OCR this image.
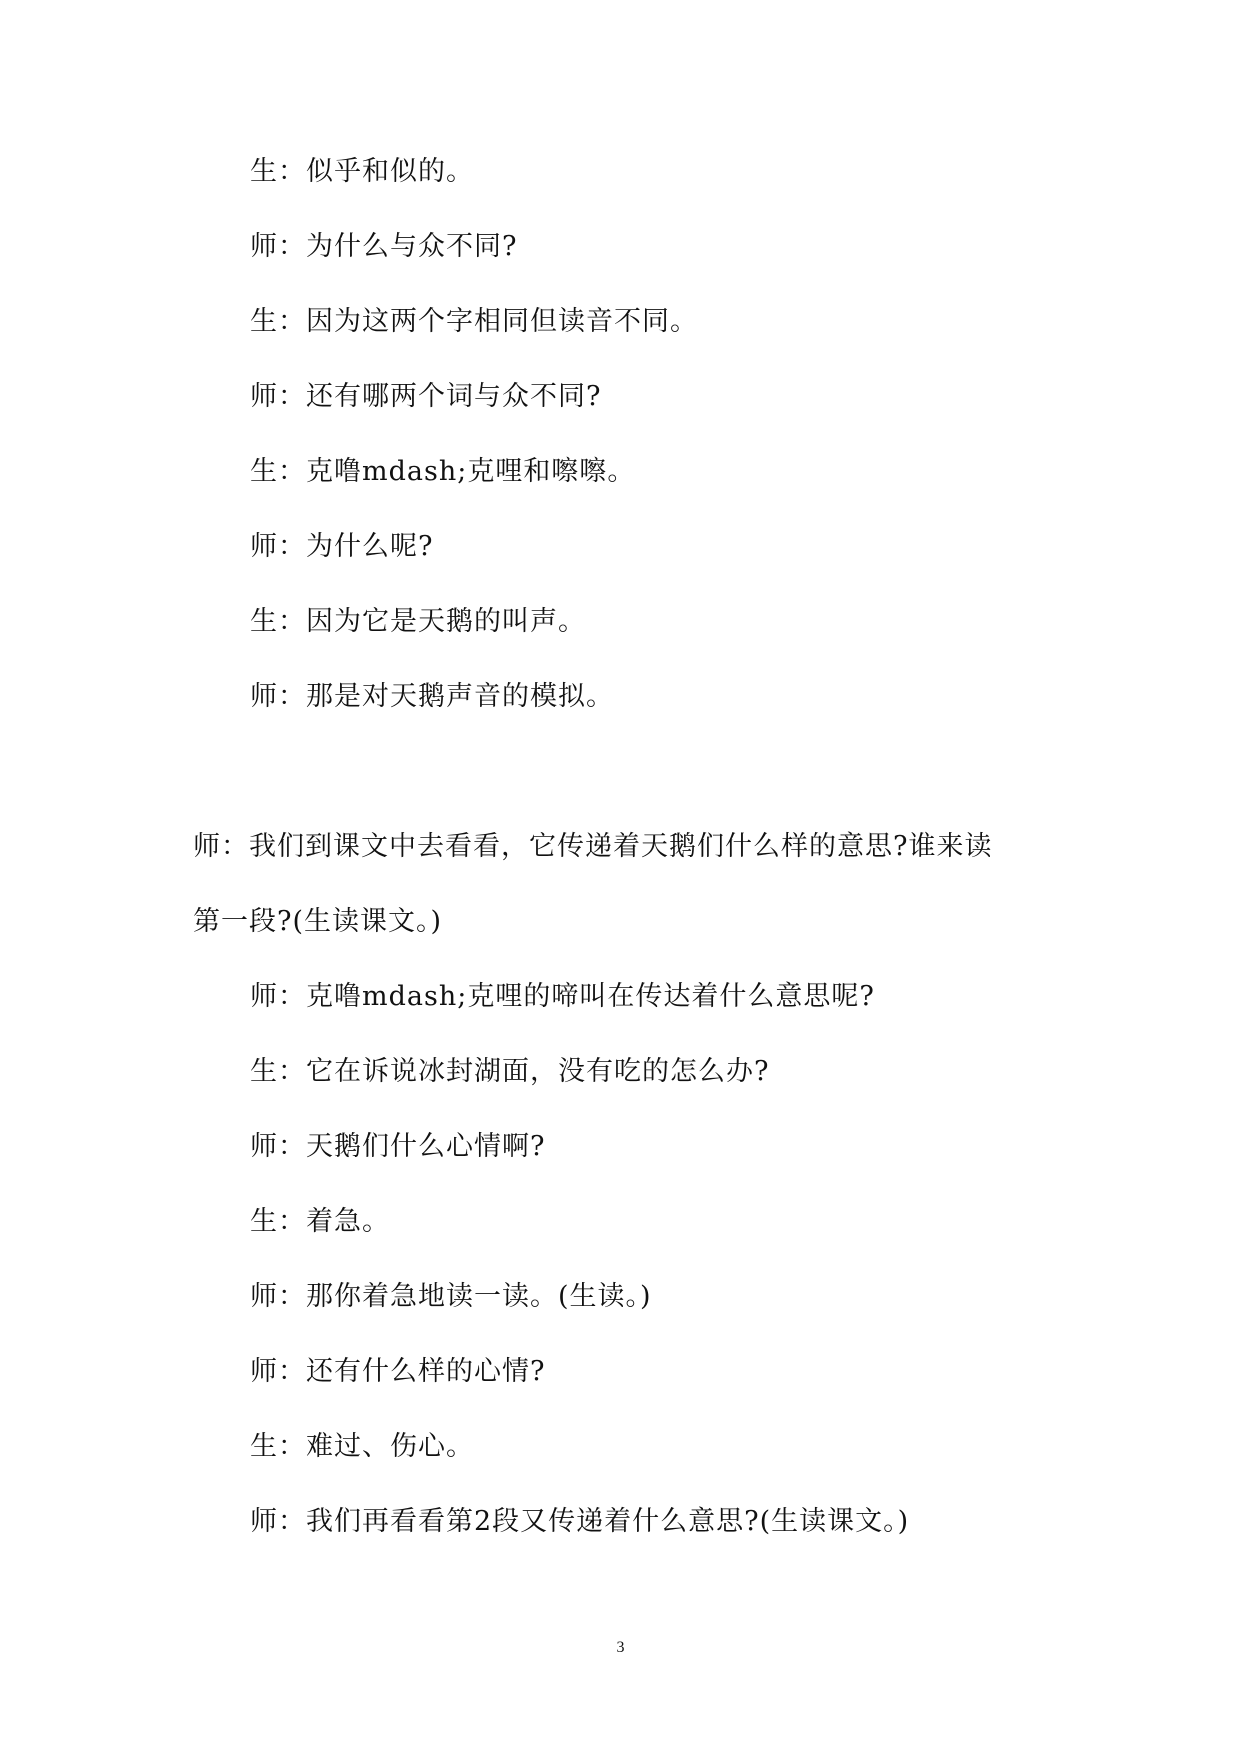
生：似乎和似的。
师：为什么与众不同?
生：因为这两个字相同但读音不同。
师：还有哪两个词与众不同?
生：克噜mdash;克哩和嚓嚓。
师：为什么呢?
生：因为它是天鹅的叫声。
师：那是对天鹅声音的模拟。
师：我们到课文中去看看，它传递着天鹅们什么样的意思?谁来读
第一段?(生读课文。)
师：克噜mdash;克哩的啼叫在传达着什么意思呢?
生：它在诉说冰封湖面，没有吃的怎么办?
师：天鹅们什么心情啊?
生：着急。
师：那你着急地读一读。(生读。)
师：还有什么样的心情?
生：难过、伤心。
师：我们再看看第2段又传递着什么意思?(生读课文。)
3
